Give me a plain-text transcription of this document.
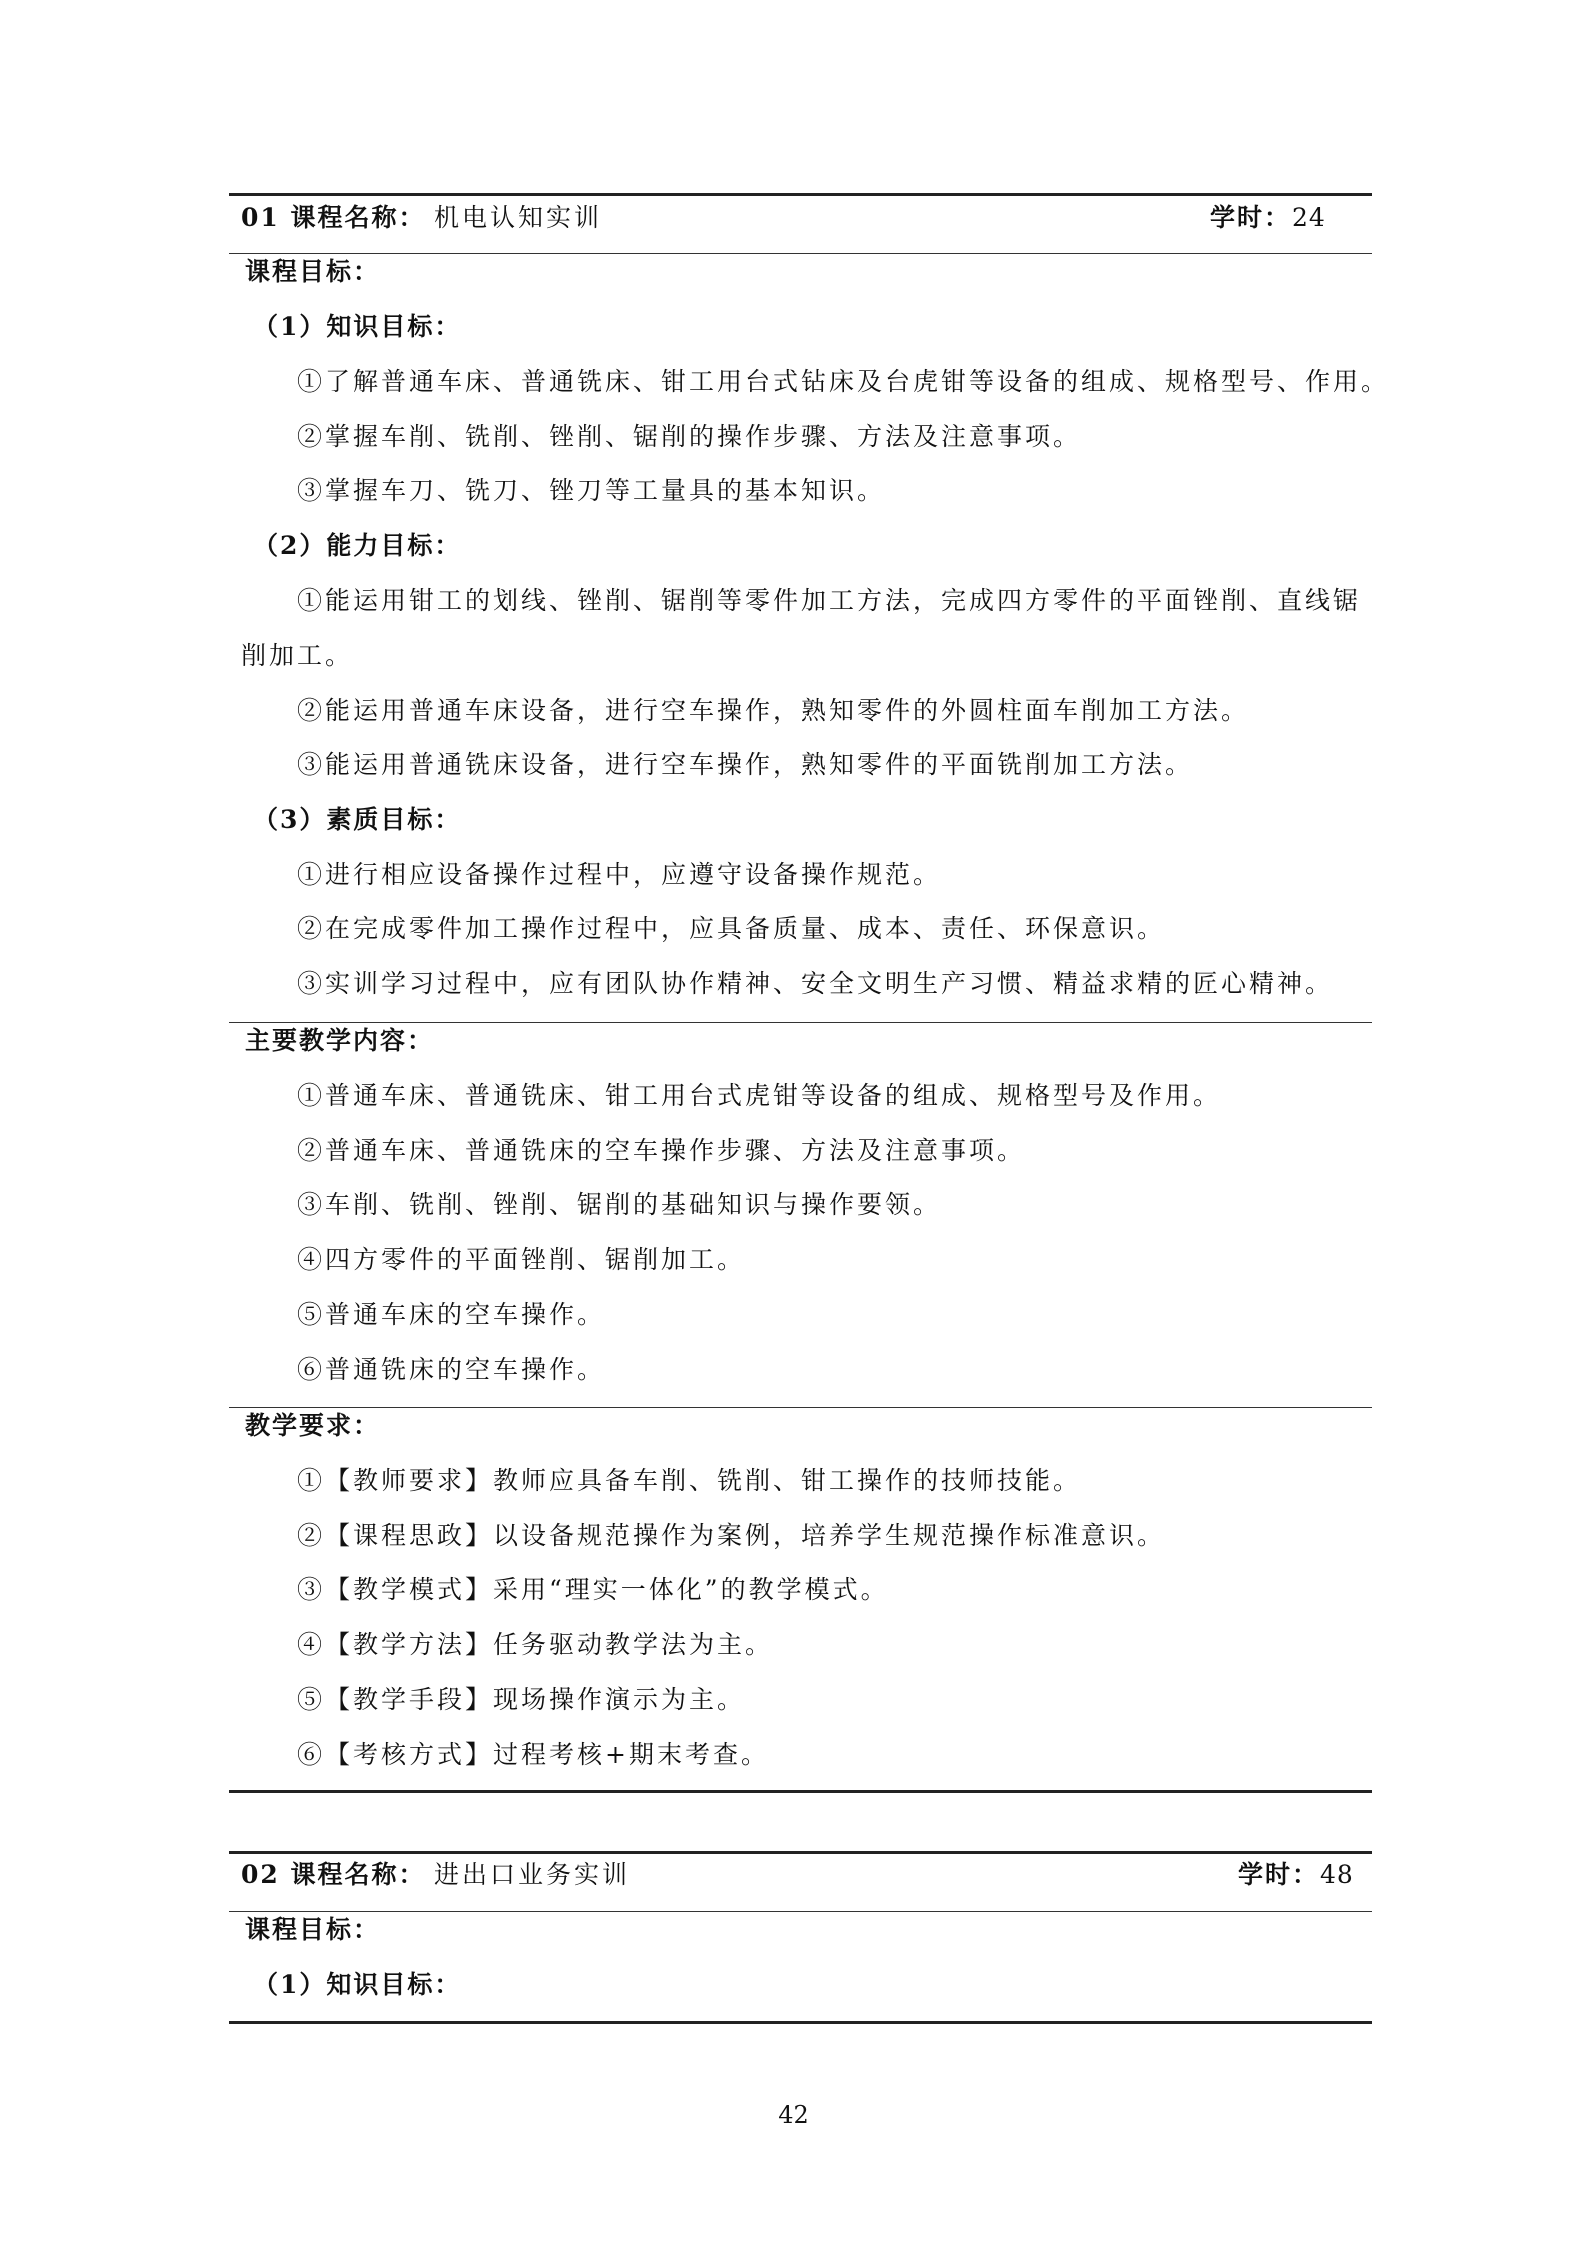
01 课程名称： 机电认知实训	学时： 24
课程目标：
（1）知识目标：
①了解普通车床、普通铣床、钳工用台式钻床及台虎钳等设备的组成、规格型号、作用。
②掌握车削、铣削、锉削、锯削的操作步骤、方法及注意事项。
③掌握车刀、铣刀、锉刀等工量具的基本知识。
（2）能力目标：
①能运用钳工的划线、锉削、锯削等零件加工方法，完成四方零件的平面锉削、直线锯
削加工。
②能运用普通车床设备，进行空车操作，熟知零件的外圆柱面车削加工方法。
③能运用普通铣床设备，进行空车操作，熟知零件的平面铣削加工方法。
（3）素质目标：
①进行相应设备操作过程中，应遵守设备操作规范。
②在完成零件加工操作过程中，应具备质量、成本、责任、环保意识。
③实训学习过程中，应有团队协作精神、安全文明生产习惯、精益求精的匠心精神。
主要教学内容：
①普通车床、普通铣床、钳工用台式虎钳等设备的组成、规格型号及作用。
②普通车床、普通铣床的空车操作步骤、方法及注意事项。
③车削、铣削、锉削、锯削的基础知识与操作要领。
④四方零件的平面锉削、锯削加工。
⑤普通车床的空车操作。
⑥普通铣床的空车操作。
教学要求：
①【教师要求】教师应具备车削、铣削、钳工操作的技师技能。
②【课程思政】以设备规范操作为案例，培养学生规范操作标准意识。
③【教学模式】采用“理实一体化”的教学模式。
④【教学方法】任务驱动教学法为主。
⑤【教学手段】现场操作演示为主。
⑥【考核方式】过程考核+期末考查。
02 课程名称： 进出口业务实训	学时： 48
课程目标：
（1）知识目标：
42
